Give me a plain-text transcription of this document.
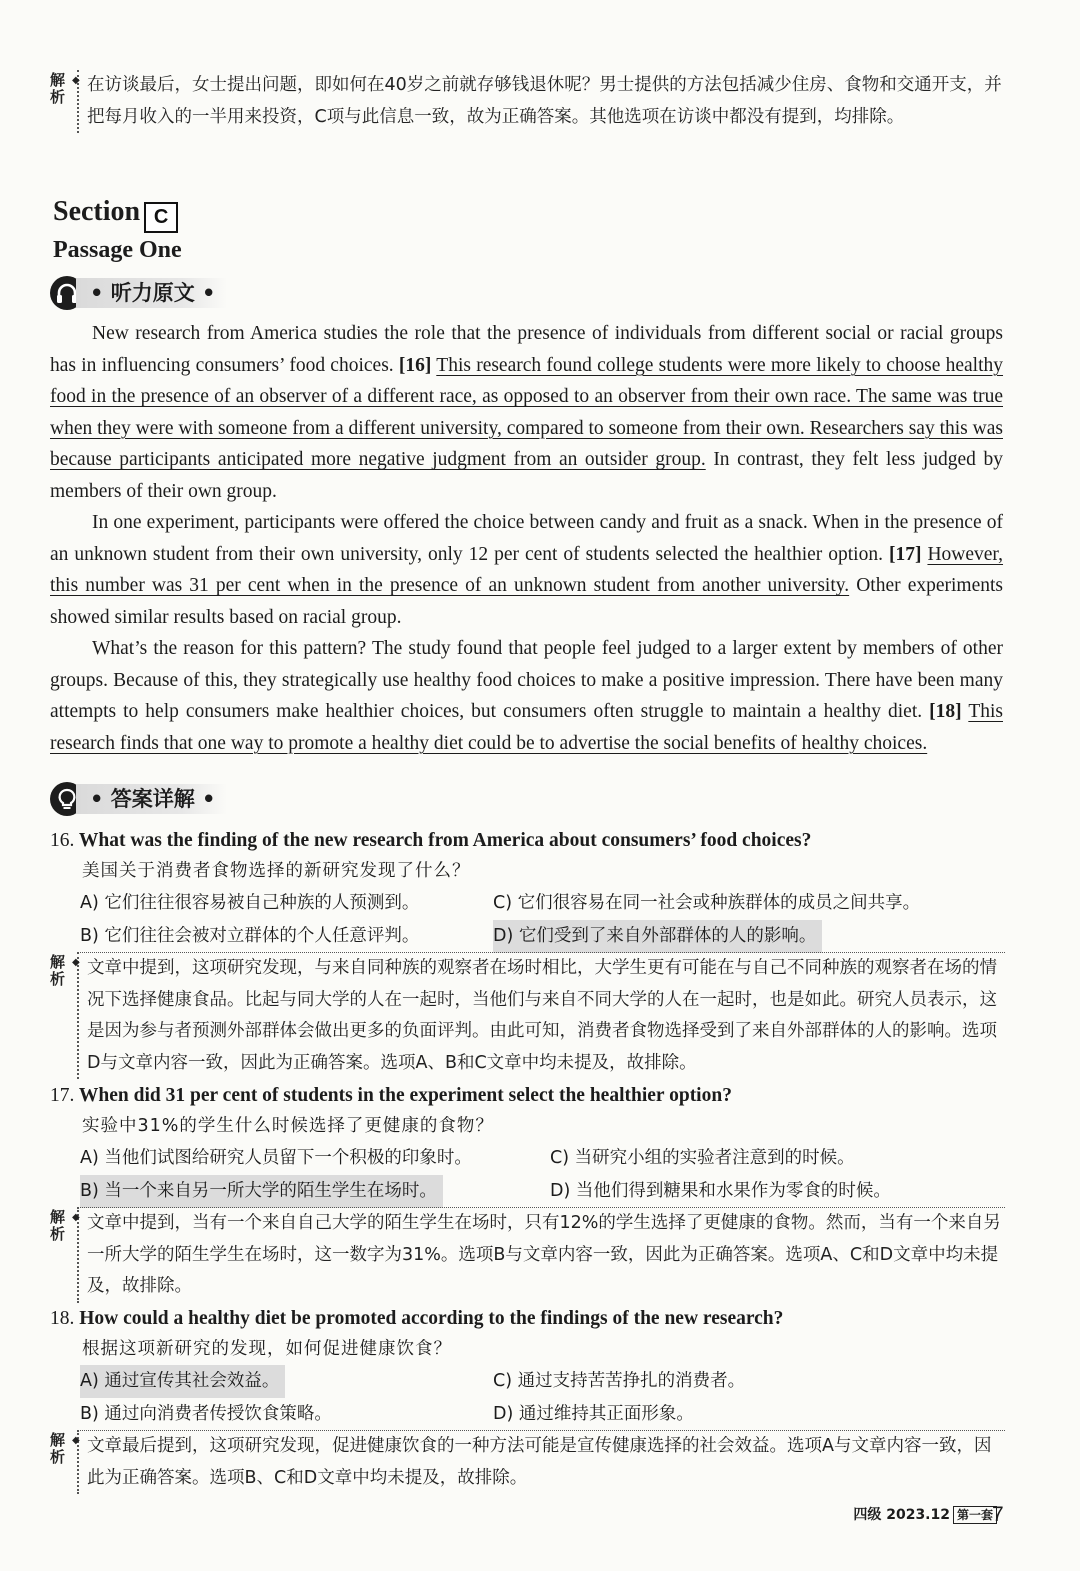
解析
◆ 在访谈最后，女士提出问题，即如何在40岁之前就存够钱退休呢？男士提供的方法包括减少住房、食物和交通开支，并把每月收入的一半用来投资，C项与此信息一致，故为正确答案。其他选项在访谈中都没有提到，均排除。
Section C
Passage One
• 听力原文 •

New research from America studies the role that the presence of individuals from different social or racial groups has in influencing consumers’ food choices. [16] This research found college students were more likely to choose healthy food in the presence of an observer of a different race, as opposed to an observer from their own race. The same was true when they were with someone from a different university, compared to someone from their own. Researchers say this was because participants anticipated more negative judgment from an outsider group. In contrast, they felt less judged by members of their own group.

In one experiment, participants were offered the choice between candy and fruit as a snack. When in the presence of an unknown student from their own university, only 12 per cent of students selected the healthier option. [17] However, this number was 31 per cent when in the presence of an unknown student from another university. Other experiments showed similar results based on racial group.

What’s the reason for this pattern? The study found that people feel judged to a larger extent by members of other groups. Because of this, they strategically use healthy food choices to make a positive impression. There have been many attempts to help consumers make healthier choices, but consumers often struggle to maintain a healthy diet. [18] This research finds that one way to promote a healthy diet could be to advertise the social benefits of healthy choices.

• 答案详解 •
16. What was the finding of the new research from America about consumers’ food choices?
美国关于消费者食物选择的新研究发现了什么？
A) 它们往往很容易被自己种族的人预测到。	C) 它们很容易在同一社会或种族群体的成员之间共享。
B) 它们往往会被对立群体的个人任意评判。	D) 它们受到了来自外部群体的人的影响。
解析
◆ 文章中提到，这项研究发现，与来自同种族的观察者在场时相比，大学生更有可能在与自己不同种族的观察者在场的情况下选择健康食品。比起与同大学的人在一起时，当他们与来自不同大学的人在一起时，也是如此。研究人员表示，这是因为参与者预测外部群体会做出更多的负面评判。由此可知，消费者食物选择受到了来自外部群体的人的影响。选项D与文章内容一致，因此为正确答案。选项A、B和C文章中均未提及，故排除。
17. When did 31 per cent of students in the experiment select the healthier option?
实验中31%的学生什么时候选择了更健康的食物？
A) 当他们试图给研究人员留下一个积极的印象时。	C) 当研究小组的实验者注意到的时候。
B) 当一个来自另一所大学的陌生学生在场时。	D) 当他们得到糖果和水果作为零食的时候。
解析
◆ 文章中提到，当有一个来自自己大学的陌生学生在场时，只有12%的学生选择了更健康的食物。然而，当有一个来自另一所大学的陌生学生在场时，这一数字为31%。选项B与文章内容一致，因此为正确答案。选项A、C和D文章中均未提及，故排除。
18. How could a healthy diet be promoted according to the findings of the new research?
根据这项新研究的发现，如何促进健康饮食？
A) 通过宣传其社会效益。	C) 通过支持苦苦挣扎的消费者。
B) 通过向消费者传授饮食策略。	D) 通过维持其正面形象。
解析
◆ 文章最后提到，这项研究发现，促进健康饮食的一种方法可能是宣传健康选择的社会效益。选项A与文章内容一致，因此为正确答案。选项B、C和D文章中均未提及，故排除。
四级 2023.12 第一套 7
